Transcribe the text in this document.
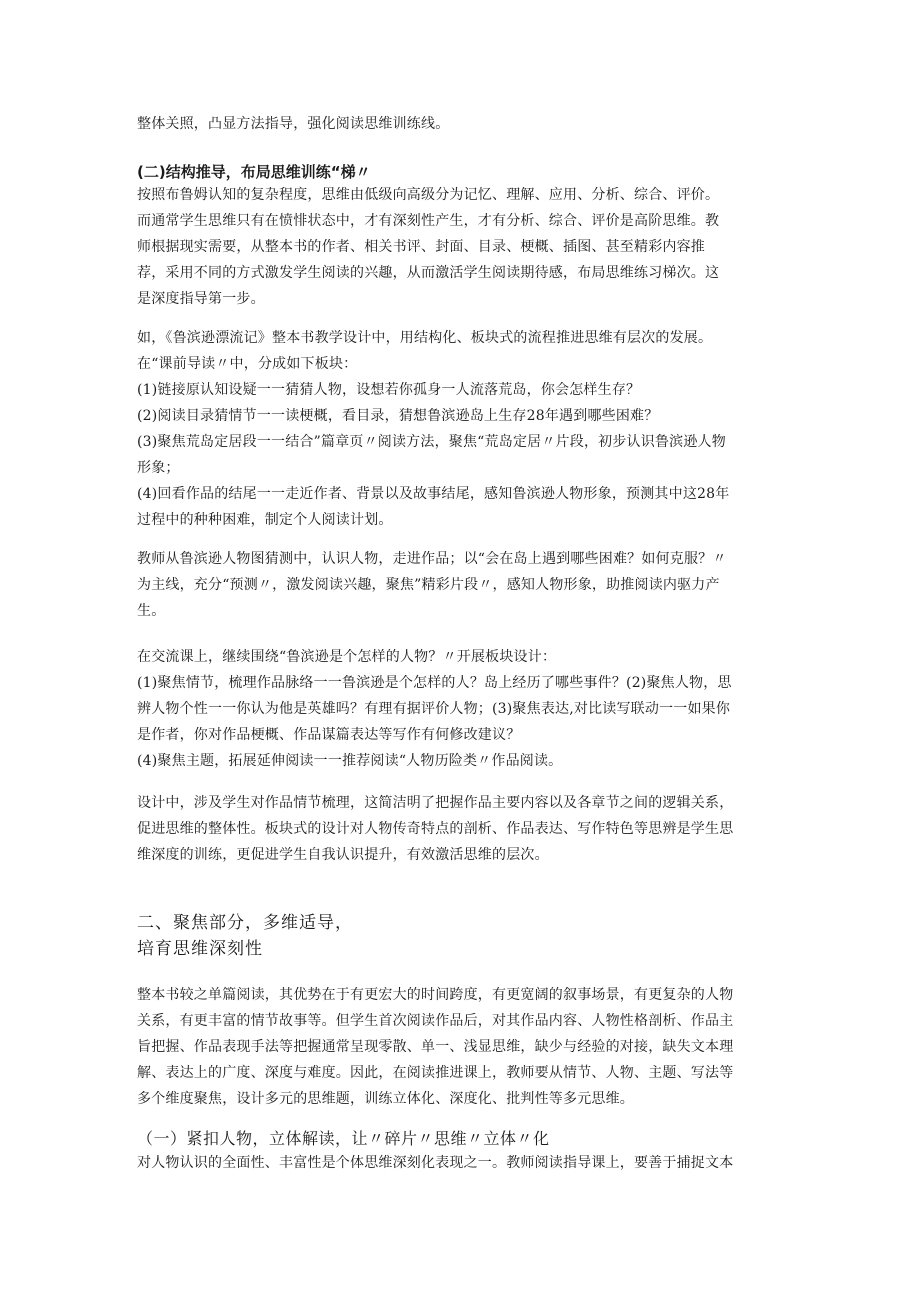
整体关照，凸显方法指导，强化阅读思维训练线。
(二)结构推导，布局思维训练“梯〃
按照布鲁姆认知的复杂程度，思维由低级向高级分为记忆、理解、应用、分析、综合、评价。
而通常学生思维只有在愤悱状态中，才有深刻性产生，才有分析、综合、评价是高阶思维。教
师根据现实需要，从整本书的作者、相关书评、封面、目录、梗概、插图、甚至精彩内容推
荐，采用不同的方式激发学生阅读的兴趣，从而激活学生阅读期待感，布局思维练习梯次。这
是深度指导第一步。
如，《鲁滨逊漂流记》整本书教学设计中，用结构化、板块式的流程推进思维有层次的发展。
在“课前导读〃中，分成如下板块：
(1)链接原认知设疑一一猜猜人物，设想若你孤身一人流落荒岛，你会怎样生存？
(2)阅读目录猜情节一一读梗概，看目录，猜想鲁滨逊岛上生存28年遇到哪些困难？
(3)聚焦荒岛定居段一一结合”篇章页〃阅读方法，聚焦“荒岛定居〃片段，初步认识鲁滨逊人物
形象；
(4)回看作品的结尾一一走近作者、背景以及故事结尾，感知鲁滨逊人物形象，预测其中这28年
过程中的种种困难，制定个人阅读计划。
教师从鲁滨逊人物图猜测中，认识人物，走进作品；以“会在岛上遇到哪些困难？如何克服？〃
为主线，充分“预测〃，激发阅读兴趣，聚焦”精彩片段〃，感知人物形象，助推阅读内驱力产
生。
在交流课上，继续围绕“鲁滨逊是个怎样的人物？〃开展板块设计：
(1)聚焦情节，梳理作品脉络一一鲁滨逊是个怎样的人？岛上经历了哪些事件？(2)聚焦人物，思
辨人物个性一一你认为他是英雄吗？有理有据评价人物；(3)聚焦表达,对比读写联动一一如果你
是作者，你对作品梗概、作品谋篇表达等写作有何修改建议？
(4)聚焦主题，拓展延伸阅读一一推荐阅读“人物历险类〃作品阅读。
设计中，涉及学生对作品情节梳理，这简洁明了把握作品主要内容以及各章节之间的逻辑关系，
促进思维的整体性。板块式的设计对人物传奇特点的剖析、作品表达、写作特色等思辨是学生思
维深度的训练，更促进学生自我认识提升，有效激活思维的层次。
二、聚焦部分，多维适导，
培育思维深刻性
整本书较之单篇阅读，其优势在于有更宏大的时间跨度，有更宽阔的叙事场景，有更复杂的人物
关系，有更丰富的情节故事等。但学生首次阅读作品后，对其作品内容、人物性格剖析、作品主
旨把握、作品表现手法等把握通常呈现零散、单一、浅显思维，缺少与经验的对接，缺失文本理
解、表达上的广度、深度与难度。因此，在阅读推进课上，教师要从情节、人物、主题、写法等
多个维度聚焦，设计多元的思维题，训练立体化、深度化、批判性等多元思维。
（一）紧扣人物，立体解读，让〃碎片〃思维〃立体〃化
对人物认识的全面性、丰富性是个体思维深刻化表现之一。教师阅读指导课上，要善于捕捉文本
